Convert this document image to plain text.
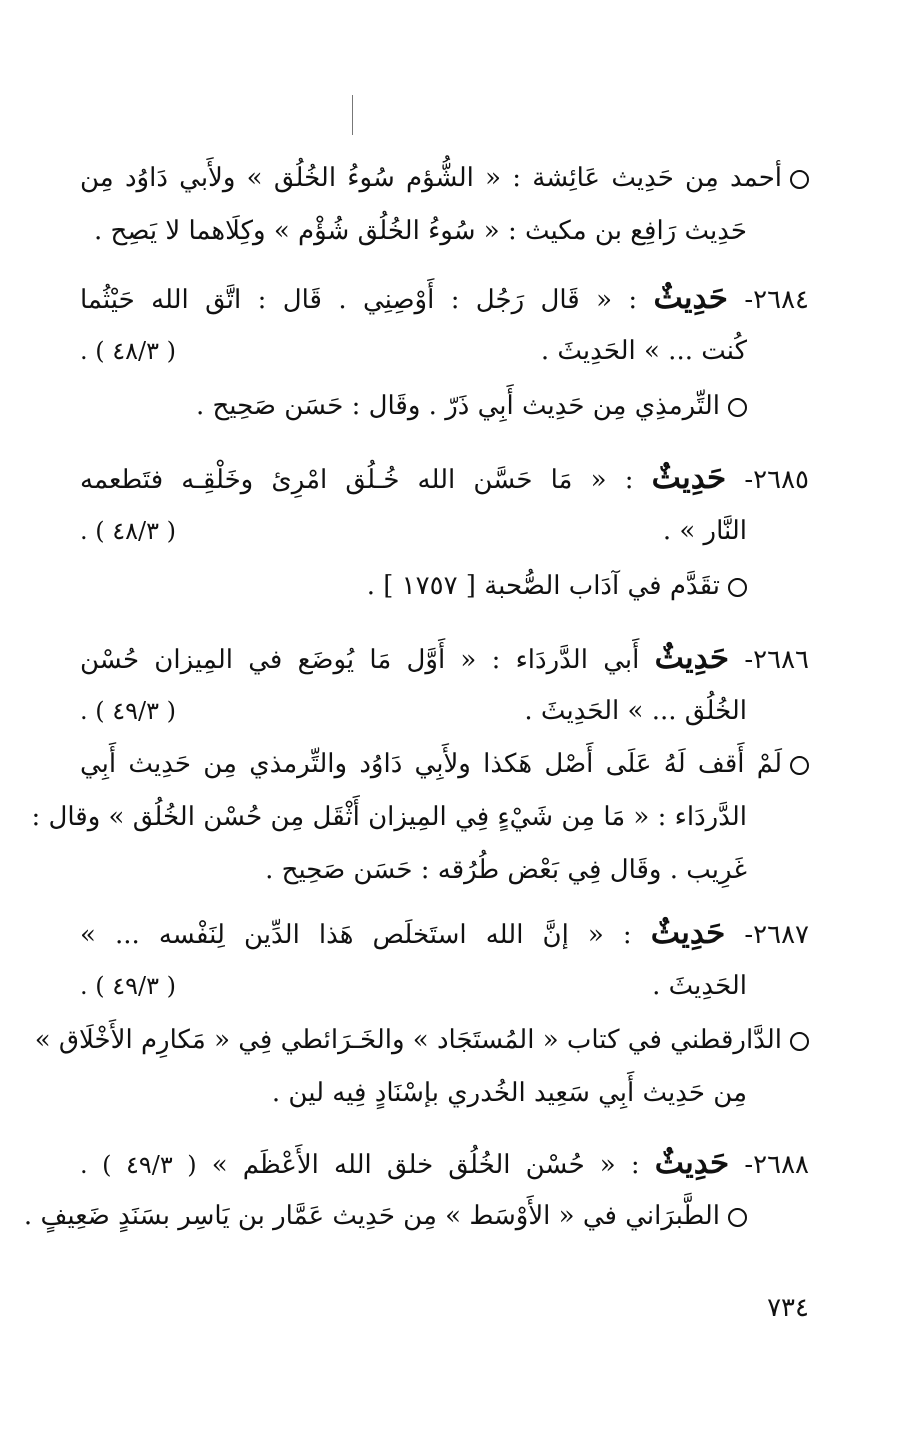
أحمد مِن حَدِيث عَائِشة : « الشُّؤم سُوءُ الخُلُق » ولأَبي دَاوُد مِن
حَدِيث رَافِع بن مكيث : « سُوءُ الخُلُق شُؤْم » وكِلَاهما لا يَصِح .
٢٦٨٤- حَدِيثٌ : « قَال رَجُل : أَوْصِنِي . قَال : اتَّق الله حَيْثُما
كُنت ... » الحَدِيثَ .
( ٤٨/٣ ) .
التِّرمذِي مِن حَدِيث أَبِي ذَرّ . وقَال : حَسَن صَحِيح .
٢٦٨٥- حَدِيثٌ : « مَا حَسَّن الله خُـلُق امْرِئ وخَلْقِـه فتَطعمه
النَّار » .
( ٤٨/٣ ) .
تقَدَّم في آدَاب الصُّحبة [ ١٧٥٧ ] .
٢٦٨٦- حَدِيثٌ أَبي الدَّردَاء : « أَوَّل مَا يُوضَع في المِيزان حُسْن
الخُلُق ... » الحَدِيثَ .
( ٤٩/٣ ) .
لَمْ أَقف لَهُ عَلَى أَصْل هَكذا ولأَبِي دَاوُد والتِّرمذي مِن حَدِيث أَبِي
الدَّردَاء : « مَا مِن شَيْءٍ فِي المِيزان أَثْقَل مِن حُسْن الخُلُق » وقال :
غَرِيب . وقَال فِي بَعْض طُرُقه : حَسَن صَحِيح .
٢٦٨٧- حَدِيثٌ : « إنَّ الله استَخلَص هَذا الدِّين لِنَفْسه ... »
الحَدِيثَ .
( ٤٩/٣ ) .
الدَّارقطني في كتاب « المُستَجَاد » والخَـرَائطي فِي « مَكارِم الأَخْلَاق »
مِن حَدِيث أَبِي سَعِيد الخُدري بإسْنَادٍ فِيه لين .
٢٦٨٨- حَدِيثٌ : « حُسْن الخُلُق خلق الله الأَعْظَم » ( ٤٩/٣ ) .
الطَّبرَاني في « الأَوْسَط » مِن حَدِيث عَمَّار بن يَاسِر بسَنَدٍ ضَعِيفٍ .
٧٣٤
